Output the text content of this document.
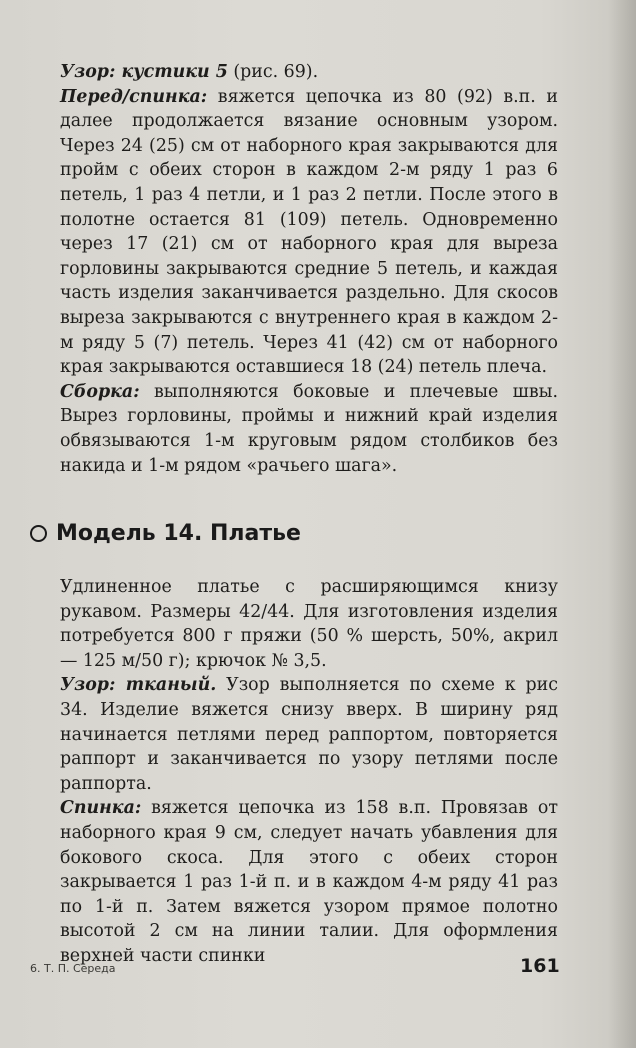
Узор: кустики 5 (рис. 69).

Перед/спинка: вяжется цепочка из 80 (92) в.п. и далее продолжается вязание основным узором. Через 24 (25) см от наборного края закрываются для пройм с обеих сторон в каждом 2-м ряду 1 раз 6 петель, 1 раз 4 петли, и 1 раз 2 петли. После этого в полотне остается 81 (109) петель. Одновременно через 17 (21) см от наборного края для выреза горловины закрываются средние 5 петель, и каждая часть изделия заканчивается раздельно. Для скосов выреза закрываются с внутреннего края в каждом 2-м ряду 5 (7) петель. Через 41 (42) см от наборного края закрываются оставшиеся 18 (24) петель плеча.

Сборка: выполняются боковые и плечевые швы. Вырез горловины, проймы и нижний край изделия обвязываются 1-м круговым рядом столбиков без накида и 1-м рядом «рачьего шага».

Модель 14. Платье

Удлиненное платье с расширяющимся книзу рукавом. Размеры 42/44. Для изготовления изделия потребуется 800 г пряжи (50 % шерсть, 50%, акрил — 125 м/50 г); крючок № 3,5.

Узор: тканый. Узор выполняется по схеме к рис 34. Изделие вяжется снизу вверх. В ширину ряд начинается петлями перед раппортом, повторяется раппорт и заканчивается по узору петлями после раппорта.

Спинка: вяжется цепочка из 158 в.п. Провязав от наборного края 9 см, следует начать убавления для бокового скоса. Для этого с обеих сторон закрывается 1 раз 1-й п. и в каждом 4-м ряду 41 раз по 1-й п. Затем вяжется узором прямое полотно высотой 2 см на линии талии. Для оформления верхней части спинки

6. Т. П. Середа	161
